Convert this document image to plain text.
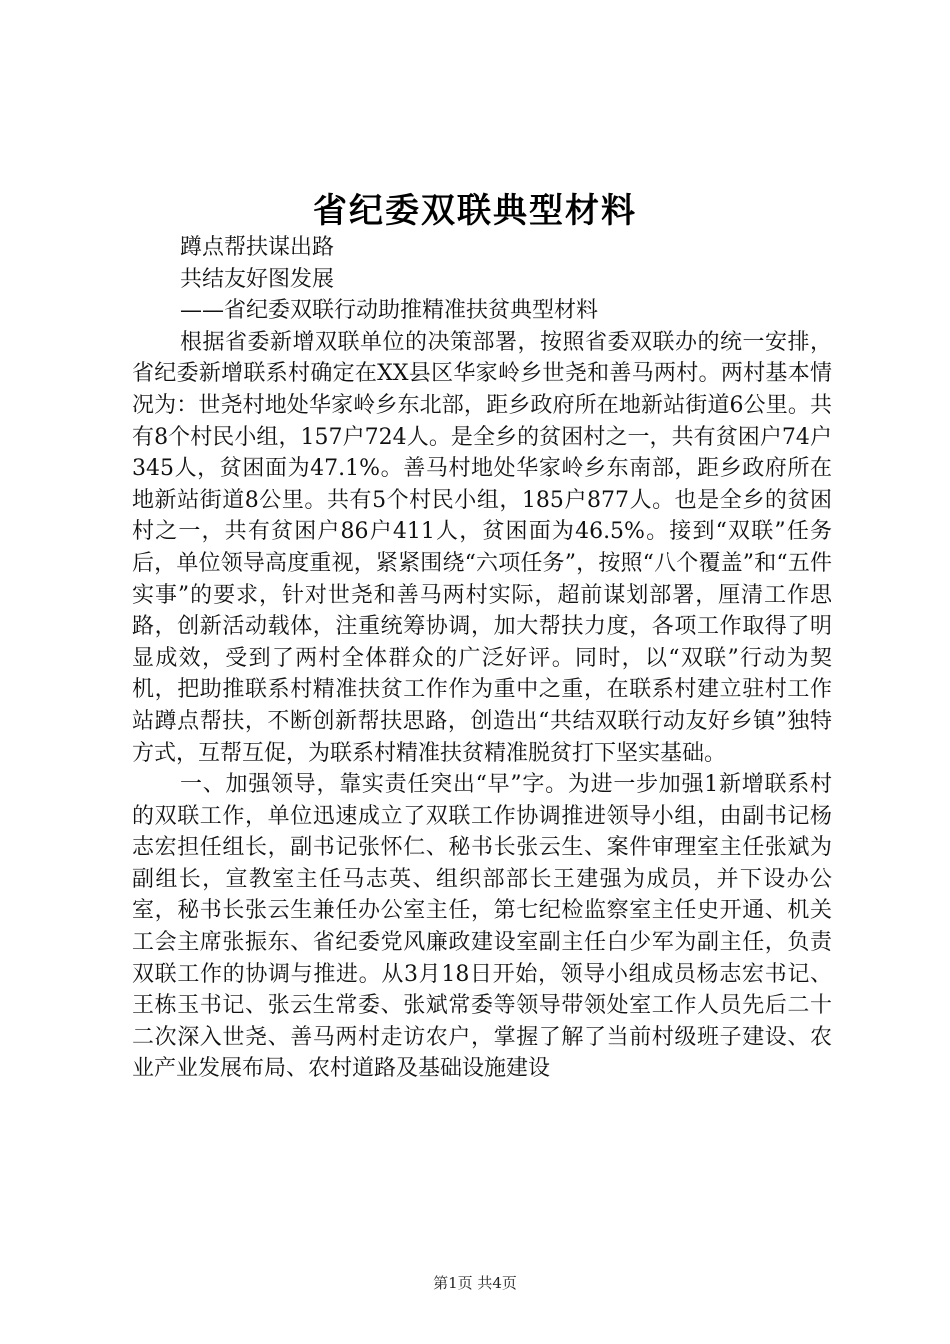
省纪委双联典型材料

蹲点帮扶谋出路

共结友好图发展

——省纪委双联行动助推精准扶贫典型材料

根据省委新增双联单位的决策部署，按照省委双联办的统一安排，省纪委新增联系村确定在XX县区华家岭乡世尧和善马两村。两村基本情况为：世尧村地处华家岭乡东北部，距乡政府所在地新站街道6公里。共有8个村民小组，157户724人。是全乡的贫困村之一，共有贫困户74户345人，贫困面为47.1%。善马村地处华家岭乡东南部，距乡政府所在地新站街道8公里。共有5个村民小组，185户877人。也是全乡的贫困村之一，共有贫困户86户411人，贫困面为46.5%。接到“双联”任务后，单位领导高度重视，紧紧围绕“六项任务”，按照“八个覆盖”和“五件实事”的要求，针对世尧和善马两村实际，超前谋划部署，厘清工作思路，创新活动载体，注重统筹协调，加大帮扶力度，各项工作取得了明显成效，受到了两村全体群众的广泛好评。同时，以“双联”行动为契机，把助推联系村精准扶贫工作作为重中之重，在联系村建立驻村工作站蹲点帮扶，不断创新帮扶思路，创造出“共结双联行动友好乡镇”独特方式，互帮互促，为联系村精准扶贫精准脱贫打下坚实基础。

一、加强领导，靠实责任突出“早”字。为进一步加强1新增联系村的双联工作，单位迅速成立了双联工作协调推进领导小组，由副书记杨志宏担任组长，副书记张怀仁、秘书长张云生、案件审理室主任张斌为副组长，宣教室主任马志英、组织部部长王建强为成员，并下设办公室，秘书长张云生兼任办公室主任，第七纪检监察室主任史开通、机关工会主席张振东、省纪委党风廉政建设室副主任白少军为副主任，负责双联工作的协调与推进。从3月18日开始，领导小组成员杨志宏书记、王栋玉书记、张云生常委、张斌常委等领导带领处室工作人员先后二十二次深入世尧、善马两村走访农户，掌握了解了当前村级班子建设、农业产业发展布局、农村道路及基础设施建设

第1页 共4页
